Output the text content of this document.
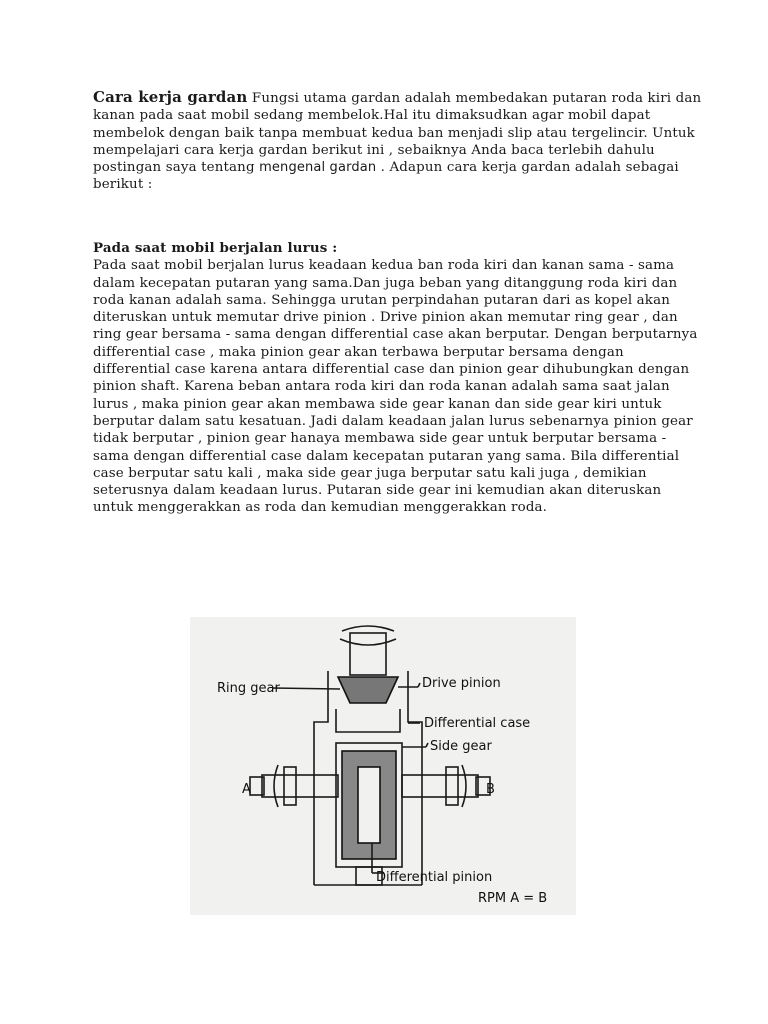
Cara kerja gardan Fungsi utama gardan adalah membedakan putaran roda kiri dan kanan pada saat mobil sedang membelok.Hal itu dimaksudkan agar mobil dapat membelok dengan baik tanpa membuat kedua ban menjadi slip atau tergelincir. Untuk mempelajari cara kerja gardan berikut ini , sebaiknya Anda baca terlebih dahulu postingan saya tentang mengenal gardan . Adapun cara kerja gardan adalah sebagai berikut :

Pada saat mobil berjalan lurus :
Pada saat mobil berjalan lurus keadaan kedua ban roda kiri dan kanan sama - sama dalam kecepatan putaran yang sama.Dan juga beban yang ditanggung roda kiri dan roda kanan adalah sama. Sehingga urutan perpindahan putaran dari as kopel akan diteruskan untuk memutar drive pinion . Drive pinion akan memutar ring gear , dan ring gear bersama - sama dengan differential case akan berputar. Dengan berputarnya differential case , maka pinion gear akan terbawa berputar bersama dengan differential case karena antara differential case dan pinion gear dihubungkan dengan pinion shaft. Karena beban antara roda kiri dan roda kanan adalah sama saat jalan lurus , maka pinion gear akan membawa side gear kanan dan side gear kiri untuk berputar dalam satu kesatuan. Jadi dalam keadaan jalan lurus sebenarnya pinion gear tidak berputar , pinion gear hanaya membawa side gear untuk berputar bersama - sama dengan differential case dalam kecepatan putaran yang sama. Bila differential case berputar satu kali , maka side gear juga berputar satu kali juga , demikian seterusnya dalam keadaan lurus. Putaran side gear ini kemudian akan diteruskan untuk menggerakkan as roda dan kemudian menggerakkan roda.

Ring gear	Drive pinion
Differential case
Side gear
A	B
Differential pinion
RPM A = B
